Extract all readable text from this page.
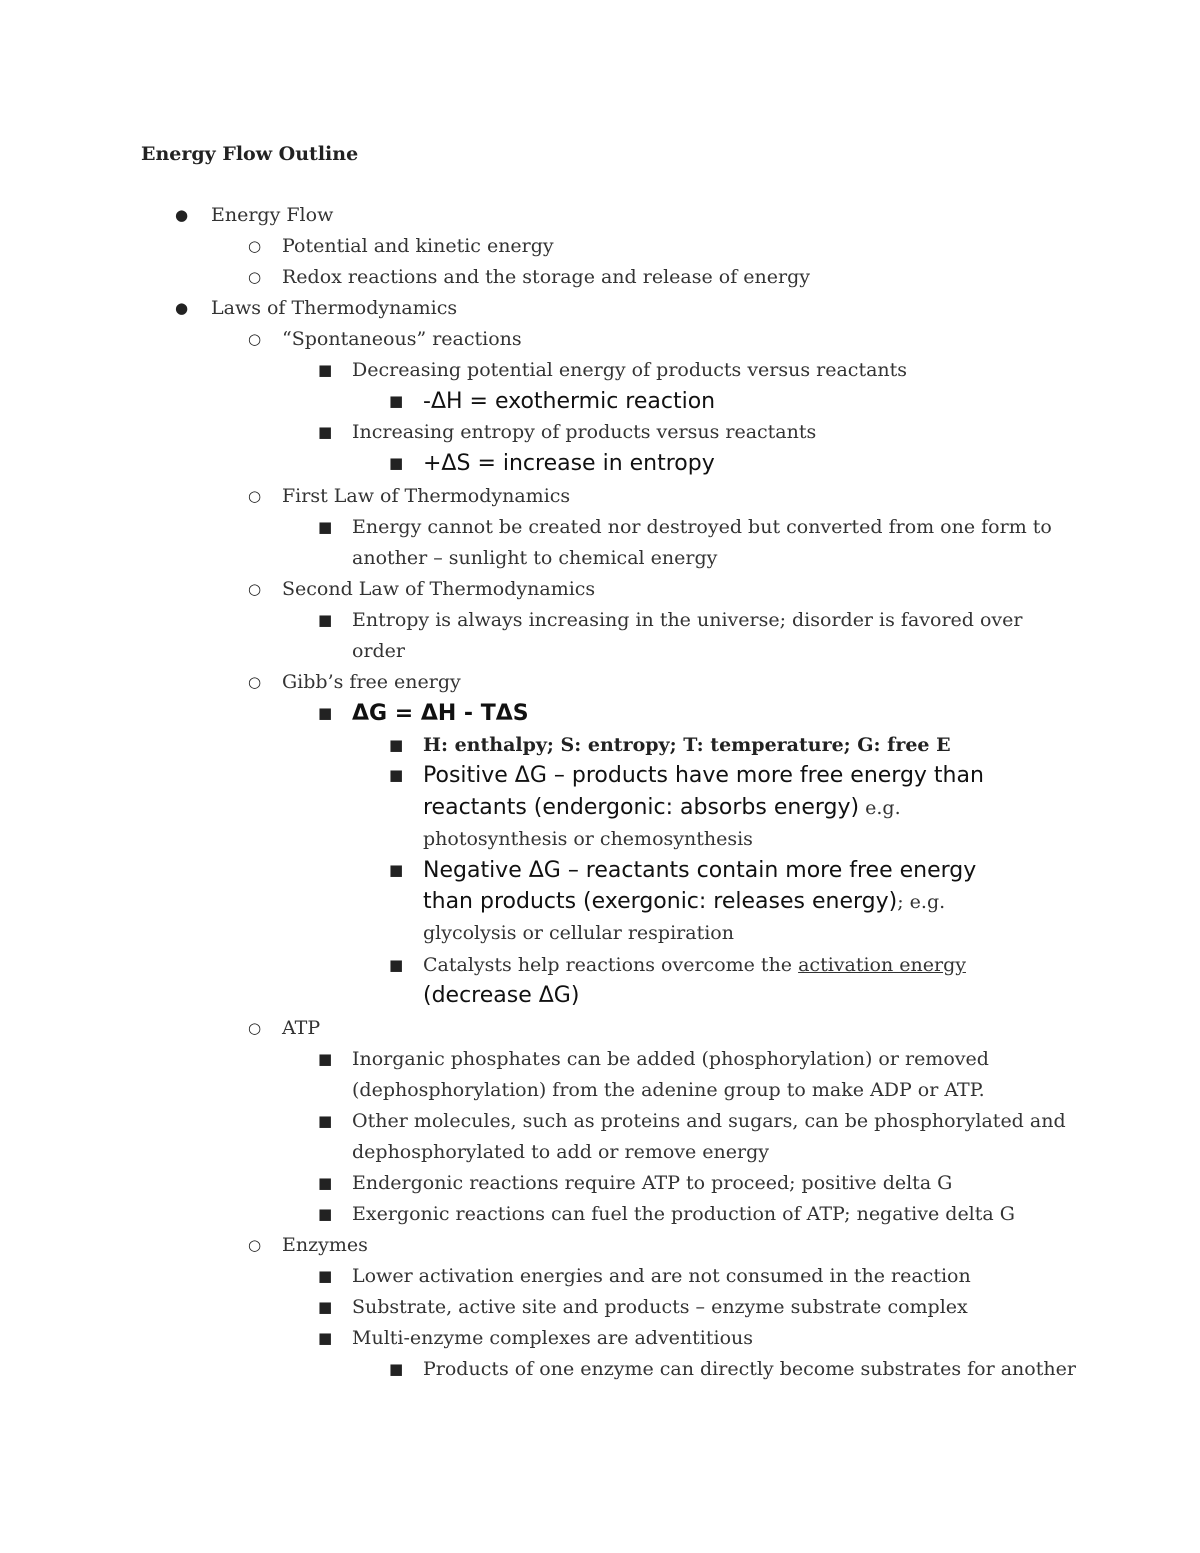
Energy Flow Outline
● Energy Flow
○ Potential and kinetic energy
○ Redox reactions and the storage and release of energy
● Laws of Thermodynamics
○ “Spontaneous” reactions
■ Decreasing potential energy of products versus reactants
■ -ΔH = exothermic reaction
■ Increasing entropy of products versus reactants
■ +ΔS = increase in entropy
○ First Law of Thermodynamics
■ Energy cannot be created nor destroyed but converted from one form to
another – sunlight to chemical energy
○ Second Law of Thermodynamics
■ Entropy is always increasing in the universe; disorder is favored over
order
○ Gibb’s free energy
■ ΔG = ΔH - TΔS
■ H: enthalpy; S: entropy; T: temperature; G: free E
■ Positive ΔG – products have more free energy than
reactants (endergonic: absorbs energy) e.g.
photosynthesis or chemosynthesis
■ Negative ΔG – reactants contain more free energy
than products (exergonic: releases energy); e.g.
glycolysis or cellular respiration
■ Catalysts help reactions overcome the activation energy
(decrease ΔG)
○ ATP
■ Inorganic phosphates can be added (phosphorylation) or removed
(dephosphorylation) from the adenine group to make ADP or ATP.
■ Other molecules, such as proteins and sugars, can be phosphorylated and
dephosphorylated to add or remove energy
■ Endergonic reactions require ATP to proceed; positive delta G
■ Exergonic reactions can fuel the production of ATP; negative delta G
○ Enzymes
■ Lower activation energies and are not consumed in the reaction
■ Substrate, active site and products – enzyme substrate complex
■ Multi-enzyme complexes are adventitious
■ Products of one enzyme can directly become substrates for another
